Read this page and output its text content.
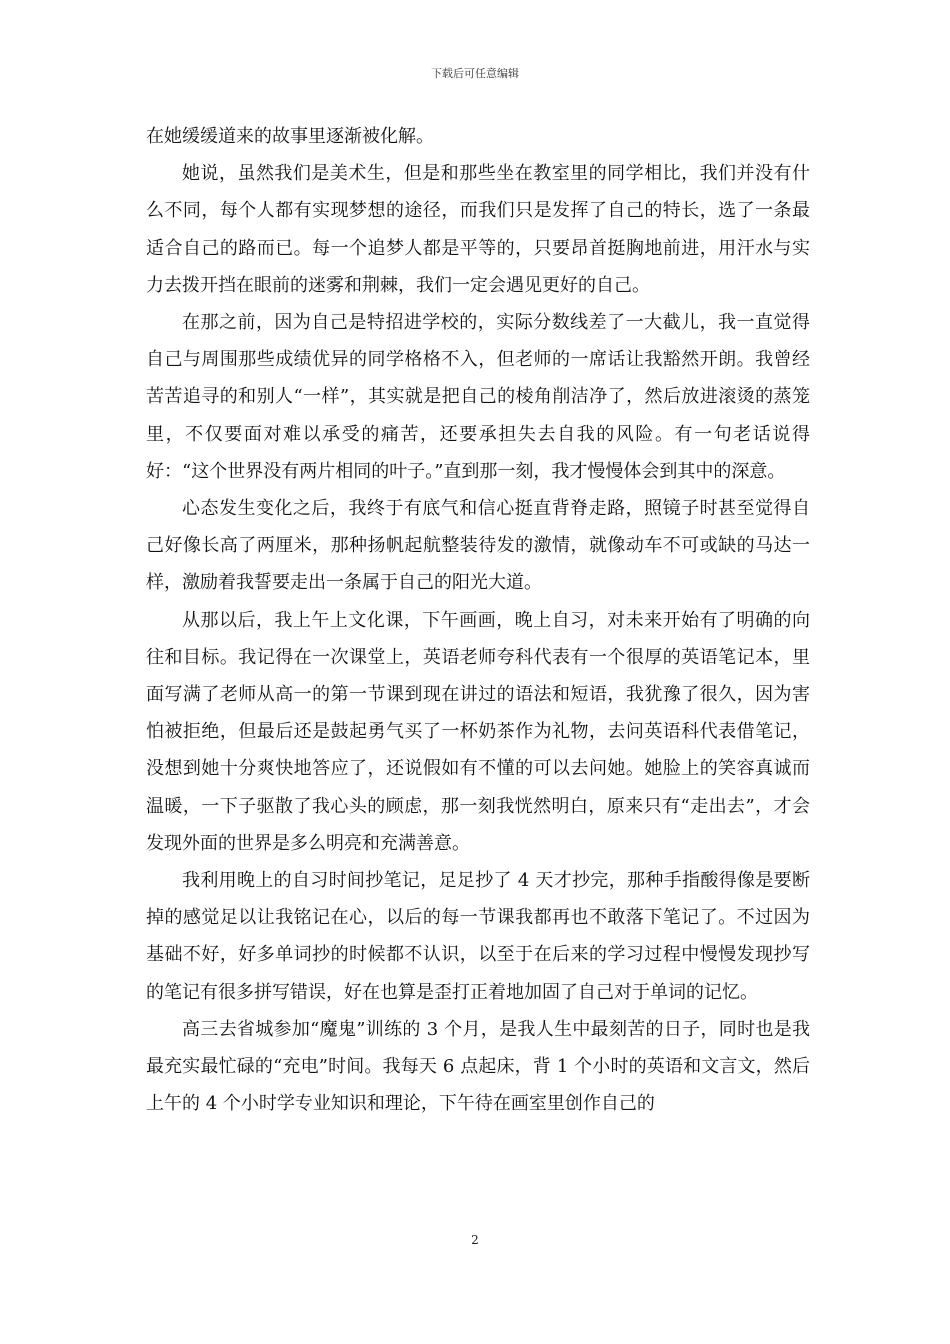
下载后可任意编辑

在她缓缓道来的故事里逐渐被化解。

她说，虽然我们是美术生，但是和那些坐在教室里的同学相比，我们并没有什么不同，每个人都有实现梦想的途径，而我们只是发挥了自己的特长，选了一条最适合自己的路而已。每一个追梦人都是平等的，只要昂首挺胸地前进，用汗水与实力去拨开挡在眼前的迷雾和荆棘，我们一定会遇见更好的自己。

在那之前，因为自己是特招进学校的，实际分数线差了一大截儿，我一直觉得自己与周围那些成绩优异的同学格格不入，但老师的一席话让我豁然开朗。我曾经苦苦追寻的和别人“一样”，其实就是把自己的棱角削洁净了，然后放进滚烫的蒸笼里，不仅要面对难以承受的痛苦，还要承担失去自我的风险。有一句老话说得好：“这个世界没有两片相同的叶子。”直到那一刻，我才慢慢体会到其中的深意。

心态发生变化之后，我终于有底气和信心挺直背脊走路，照镜子时甚至觉得自己好像长高了两厘米，那种扬帆起航整装待发的激情，就像动车不可或缺的马达一样，激励着我誓要走出一条属于自己的阳光大道。

从那以后，我上午上文化课，下午画画，晚上自习，对未来开始有了明确的向往和目标。我记得在一次课堂上，英语老师夸科代表有一个很厚的英语笔记本，里面写满了老师从高一的第一节课到现在讲过的语法和短语，我犹豫了很久，因为害怕被拒绝，但最后还是鼓起勇气买了一杯奶茶作为礼物，去问英语科代表借笔记，没想到她十分爽快地答应了，还说假如有不懂的可以去问她。她脸上的笑容真诚而温暖，一下子驱散了我心头的顾虑，那一刻我恍然明白，原来只有“走出去”，才会发现外面的世界是多么明亮和充满善意。

我利用晚上的自习时间抄笔记，足足抄了 4 天才抄完，那种手指酸得像是要断掉的感觉足以让我铭记在心，以后的每一节课我都再也不敢落下笔记了。不过因为基础不好，好多单词抄的时候都不认识，以至于在后来的学习过程中慢慢发现抄写的笔记有很多拼写错误，好在也算是歪打正着地加固了自己对于单词的记忆。

高三去省城参加“魔鬼”训练的 3 个月，是我人生中最刻苦的日子，同时也是我最充实最忙碌的“充电”时间。我每天 6 点起床，背 1 个小时的英语和文言文，然后上午的 4 个小时学专业知识和理论，下午待在画室里创作自己的

2
